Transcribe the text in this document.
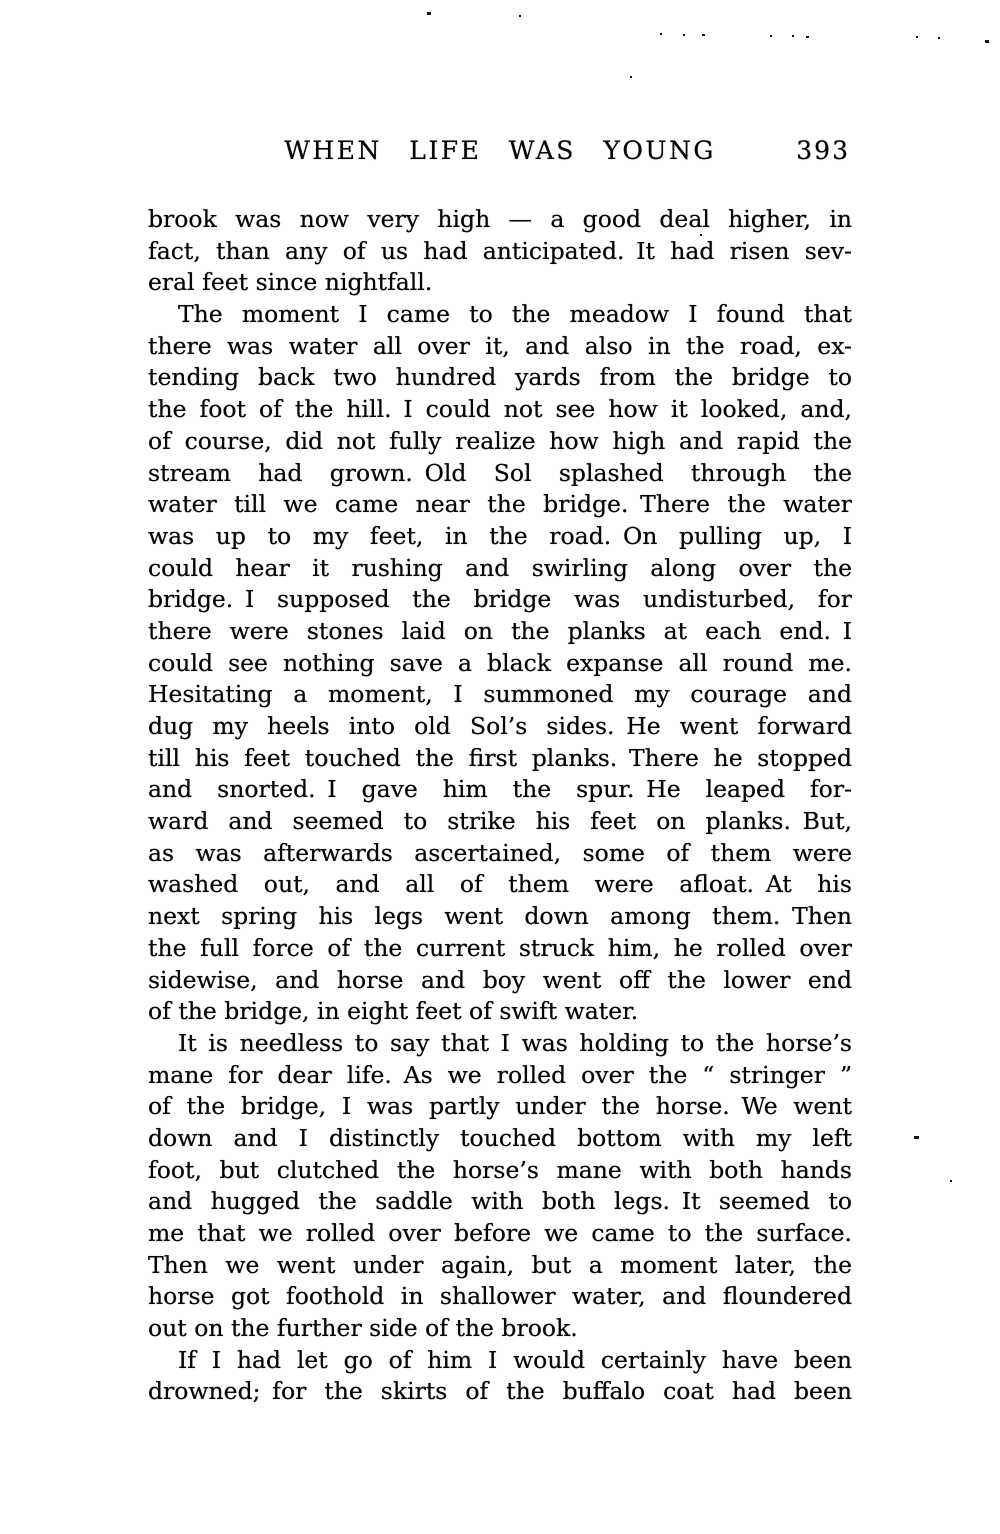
WHEN LIFE WAS YOUNG	393
brook was now very high — a good deal higher, in
fact, than any of us had anticipated. It had risen sev-
eral feet since nightfall.
The moment I came to the meadow I found that
there was water all over it, and also in the road, ex-
tending back two hundred yards from the bridge to
the foot of the hill. I could not see how it looked, and,
of course, did not fully realize how high and rapid the
stream had grown. Old Sol splashed through the
water till we came near the bridge. There the water
was up to my feet, in the road. On pulling up, I
could hear it rushing and swirling along over the
bridge. I supposed the bridge was undisturbed, for
there were stones laid on the planks at each end. I
could see nothing save a black expanse all round me.
Hesitating a moment, I summoned my courage and
dug my heels into old Sol’s sides. He went forward
till his feet touched the first planks. There he stopped
and snorted. I gave him the spur. He leaped for-
ward and seemed to strike his feet on planks. But,
as was afterwards ascertained, some of them were
washed out, and all of them were afloat. At his
next spring his legs went down among them. Then
the full force of the current struck him, he rolled over
sidewise, and horse and boy went off the lower end
of the bridge, in eight feet of swift water.
It is needless to say that I was holding to the horse’s
mane for dear life. As we rolled over the “ stringer ”
of the bridge, I was partly under the horse. We went
down and I distinctly touched bottom with my left
foot, but clutched the horse’s mane with both hands
and hugged the saddle with both legs. It seemed to
me that we rolled over before we came to the surface.
Then we went under again, but a moment later, the
horse got foothold in shallower water, and floundered
out on the further side of the brook.
If I had let go of him I would certainly have been
drowned; for the skirts of the buffalo coat had been
